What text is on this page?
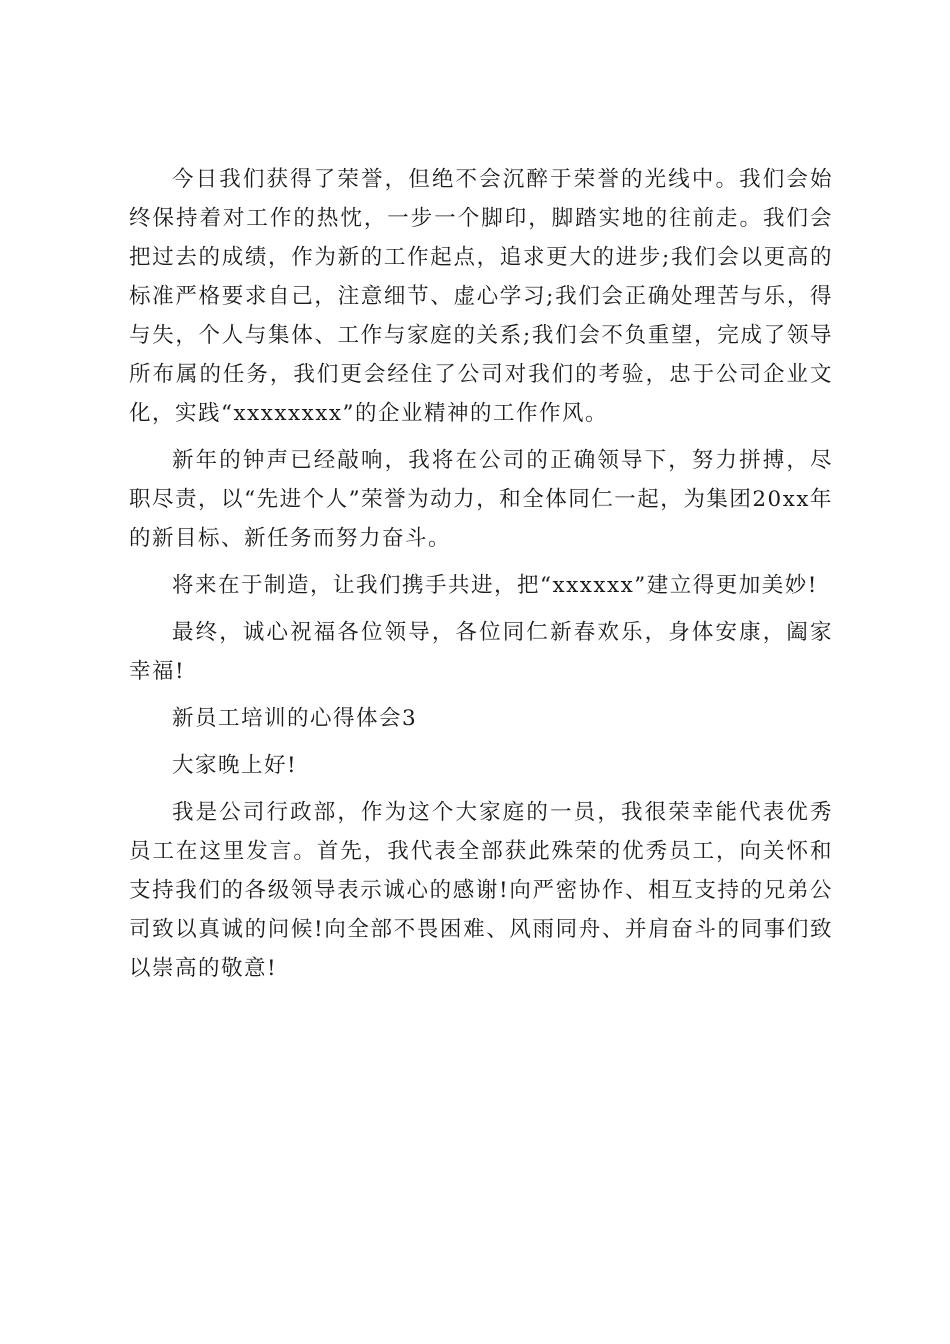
今日我们获得了荣誉，但绝不会沉醉于荣誉的光线中。我们会始终保持着对工作的热忱，一步一个脚印，脚踏实地的往前走。我们会把过去的成绩，作为新的工作起点，追求更大的进步;我们会以更高的标准严格要求自己，注意细节、虚心学习;我们会正确处理苦与乐，得与失，个人与集体、工作与家庭的关系;我们会不负重望，完成了领导所布属的任务，我们更会经住了公司对我们的考验，忠于公司企业文化，实践“xxxxxxxx”的企业精神的工作作风。

新年的钟声已经敲响，我将在公司的正确领导下，努力拼搏，尽职尽责，以“先进个人”荣誉为动力，和全体同仁一起，为集团20xx年的新目标、新任务而努力奋斗。

将来在于制造，让我们携手共进，把“xxxxxx”建立得更加美妙!

最终，诚心祝福各位领导，各位同仁新春欢乐，身体安康，阖家幸福!

新员工培训的心得体会3

大家晚上好!

我是公司行政部，作为这个大家庭的一员，我很荣幸能代表优秀员工在这里发言。首先，我代表全部获此殊荣的优秀员工，向关怀和支持我们的各级领导表示诚心的感谢!向严密协作、相互支持的兄弟公司致以真诚的问候!向全部不畏困难、风雨同舟、并肩奋斗的同事们致以崇高的敬意!
